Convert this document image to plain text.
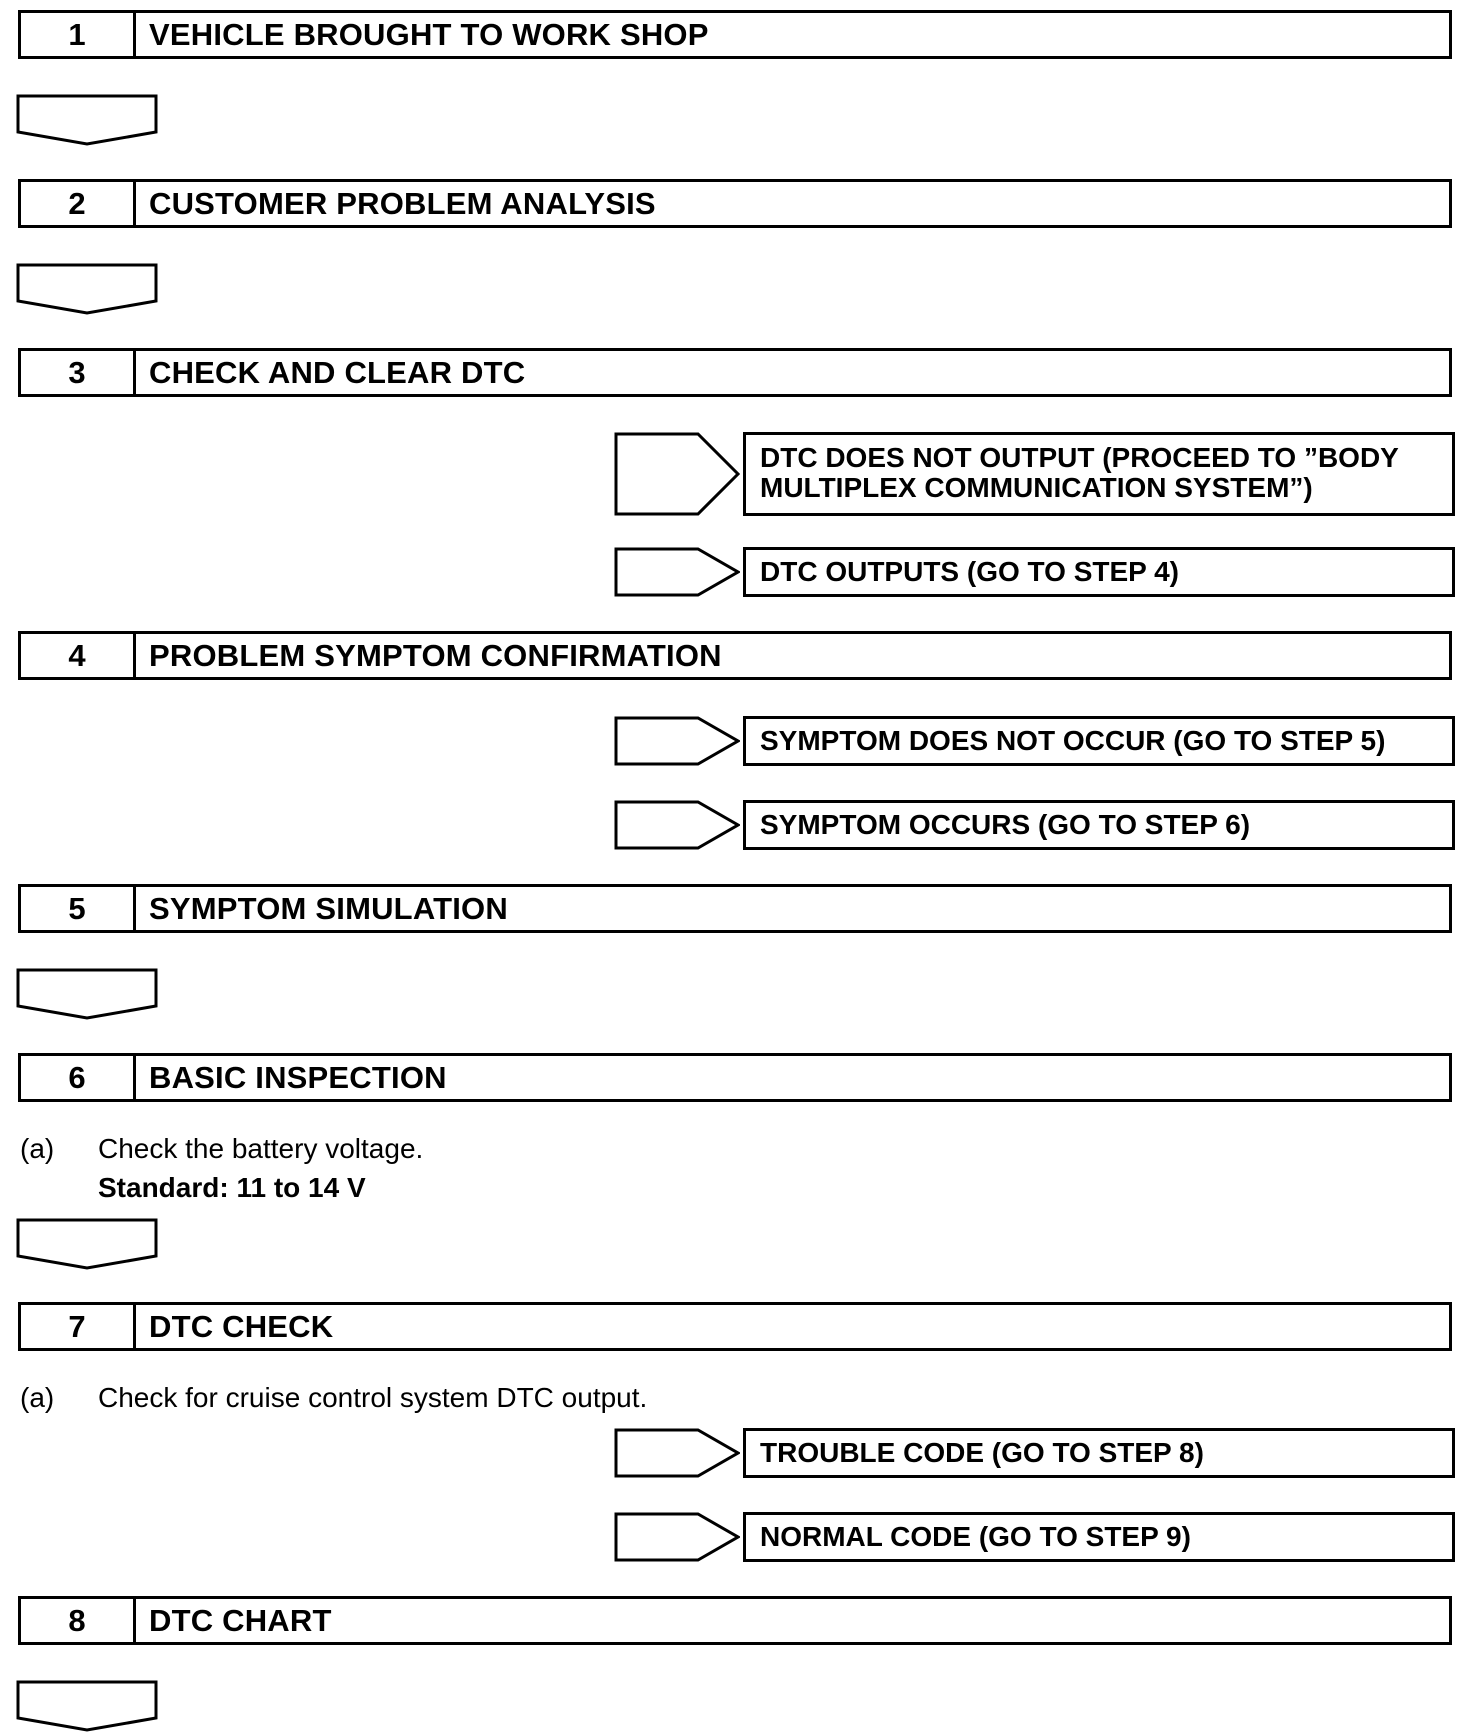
1	VEHICLE BROUGHT TO WORK SHOP
2	CUSTOMER PROBLEM ANALYSIS
3	CHECK AND CLEAR DTC
DTC DOES NOT OUTPUT (PROCEED TO ”BODY
MULTIPLEX COMMUNICATION SYSTEM”)
DTC OUTPUTS (GO TO STEP 4)
4	PROBLEM SYMPTOM CONFIRMATION
SYMPTOM DOES NOT OCCUR (GO TO STEP 5)
SYMPTOM OCCURS (GO TO STEP 6)
5	SYMPTOM SIMULATION
6	BASIC INSPECTION
(a)	Check the battery voltage.
Standard: 11 to 14 V
7	DTC CHECK
(a)	Check for cruise control system DTC output.
TROUBLE CODE (GO TO STEP 8)
NORMAL CODE (GO TO STEP 9)
8	DTC CHART
